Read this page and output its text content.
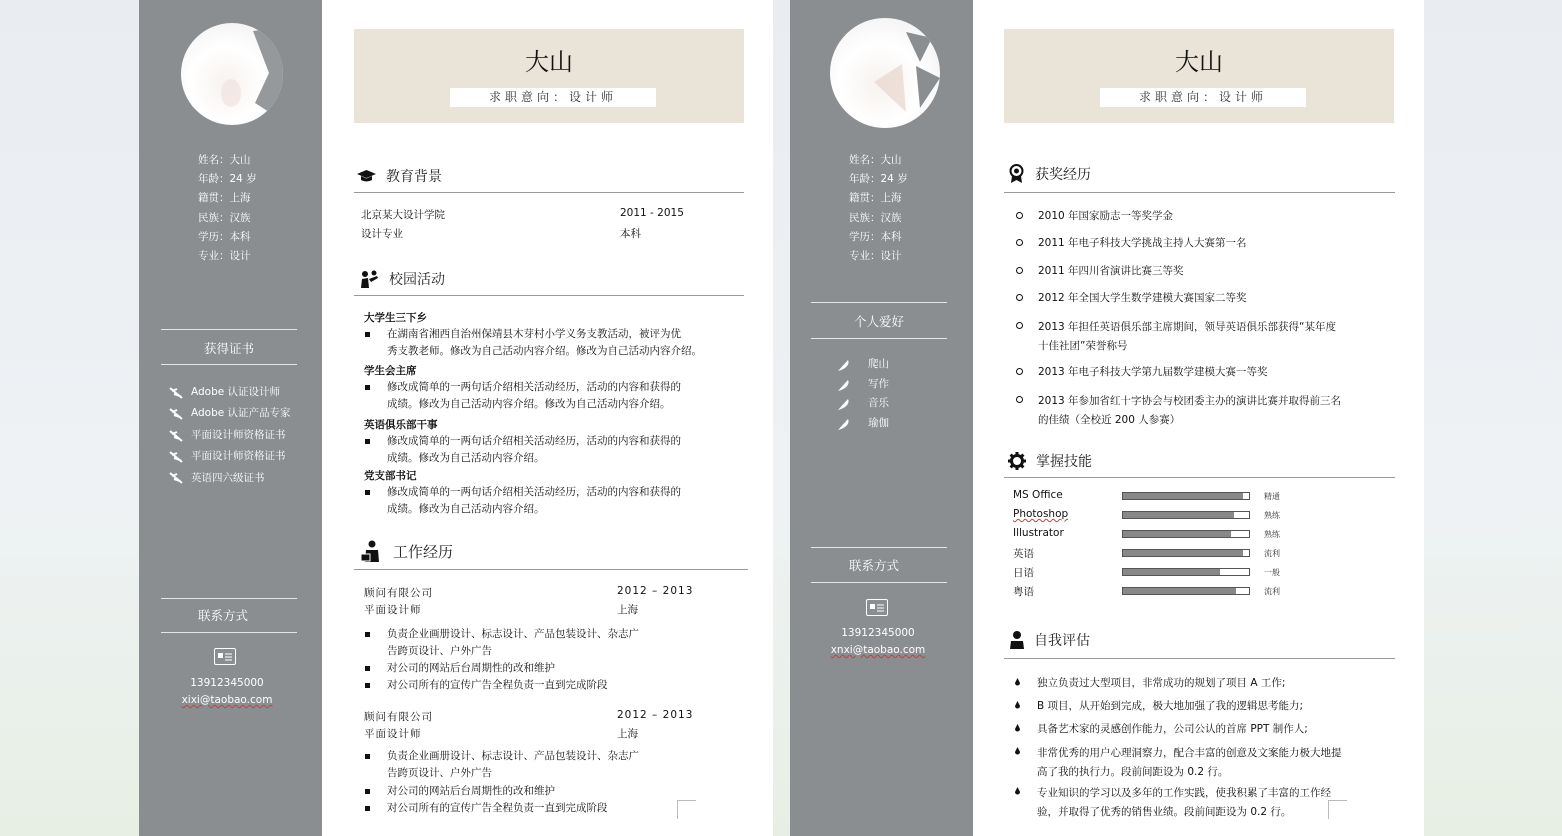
姓名：大山
年龄：24 岁
籍贯：上海
民族：汉族
学历：本科
专业：设计
获得证书
Adobe 认证设计师
Adobe 认证产品专家
平面设计师资格证书
平面设计师资格证书
英语四六级证书
联系方式
13912345000
xixi@taobao.com
大山
求职意向：设计师
教育背景
北京某大设计学院	2011 - 2015
设计专业	本科
校园活动
大学生三下乡
在湖南省湘西自治州保靖县木芽村小学义务支教活动，被评为优
秀支教老师。修改为自己活动内容介绍。修改为自己活动内容介绍。
学生会主席
修改成简单的一两句话介绍相关活动经历，活动的内容和获得的
成绩。修改为自己活动内容介绍。修改为自己活动内容介绍。
英语俱乐部干事
修改成简单的一两句话介绍相关活动经历，活动的内容和获得的
成绩。修改为自己活动内容介绍。
党支部书记
修改成简单的一两句话介绍相关活动经历，活动的内容和获得的
成绩。修改为自己活动内容介绍。
工作经历
顾问有限公司	2012 – 2013
平面设计师	上海
负责企业画册设计、标志设计、产品包装设计、杂志广
告跨页设计、户外广告
对公司的网站后台周期性的改和维护
对公司所有的宣传广告全程负责一直到完成阶段
顾问有限公司	2012 – 2013
平面设计师	上海
负责企业画册设计、标志设计、产品包装设计、杂志广
告跨页设计、户外广告
对公司的网站后台周期性的改和维护
对公司所有的宣传广告全程负责一直到完成阶段
姓名：大山
年龄：24 岁
籍贯：上海
民族：汉族
学历：本科
专业：设计
个人爱好
爬山
写作
音乐
瑜伽
联系方式
13912345000
xnxi@taobao.com
大山
求职意向：设计师
获奖经历
2010 年国家励志一等奖学金
2011 年电子科技大学挑战主持人大赛第一名
2011 年四川省演讲比赛三等奖
2012 年全国大学生数学建模大赛国家二等奖
2013 年担任英语俱乐部主席期间，领导英语俱乐部获得“某年度
十佳社团”荣誉称号
2013 年电子科技大学第九届数学建模大赛一等奖
2013 年参加省红十字协会与校团委主办的演讲比赛并取得前三名
的佳绩（全校近 200 人参赛）
掌握技能
MS Office	精通
Photoshop	熟练
Illustrator	熟练
英语	流利
日语	一般
粤语	流利
自我评估
独立负责过大型项目，非常成功的规划了项目 A 工作;
B 项目，从开始到完成，极大地加强了我的逻辑思考能力;
具备艺术家的灵感创作能力，公司公认的首席 PPT 制作人;
非常优秀的用户心理洞察力，配合丰富的创意及文案能力极大地提
高了我的执行力。段前间距设为 0.2 行。
专业知识的学习以及多年的工作实践，使我积累了丰富的工作经
验，并取得了优秀的销售业绩。段前间距设为 0.2 行。
